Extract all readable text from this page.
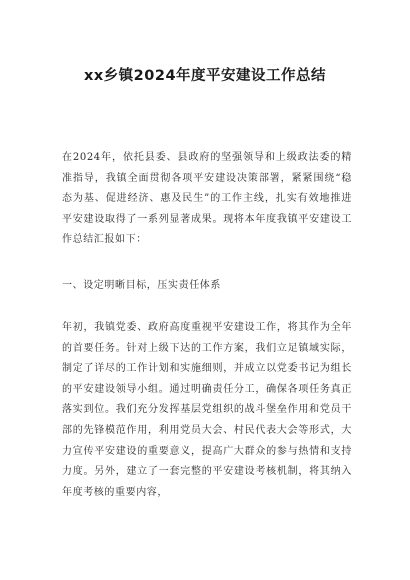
xx乡镇2024年度平安建设工作总结
在2024年，依托县委、县政府的坚强领导和上级政法委的精准指导，我镇全面贯彻各项平安建设决策部署，紧紧围绕“稳态为基、促进经济、惠及民生”的工作主线，扎实有效地推进平安建设取得了一系列显著成果。现将本年度我镇平安建设工作总结汇报如下：
一、设定明晰目标，压实责任体系
年初，我镇党委、政府高度重视平安建设工作，将其作为全年的首要任务。针对上级下达的工作方案，我们立足镇域实际，制定了详尽的工作计划和实施细则，并成立以党委书记为组长的平安建设领导小组。通过明确责任分工，确保各项任务真正落实到位。我们充分发挥基层党组织的战斗堡垒作用和党员干部的先锋模范作用，利用党员大会、村民代表大会等形式，大力宣传平安建设的重要意义，提高广大群众的参与热情和支持力度。另外，建立了一套完整的平安建设考核机制，将其纳入年度考核的重要内容，
